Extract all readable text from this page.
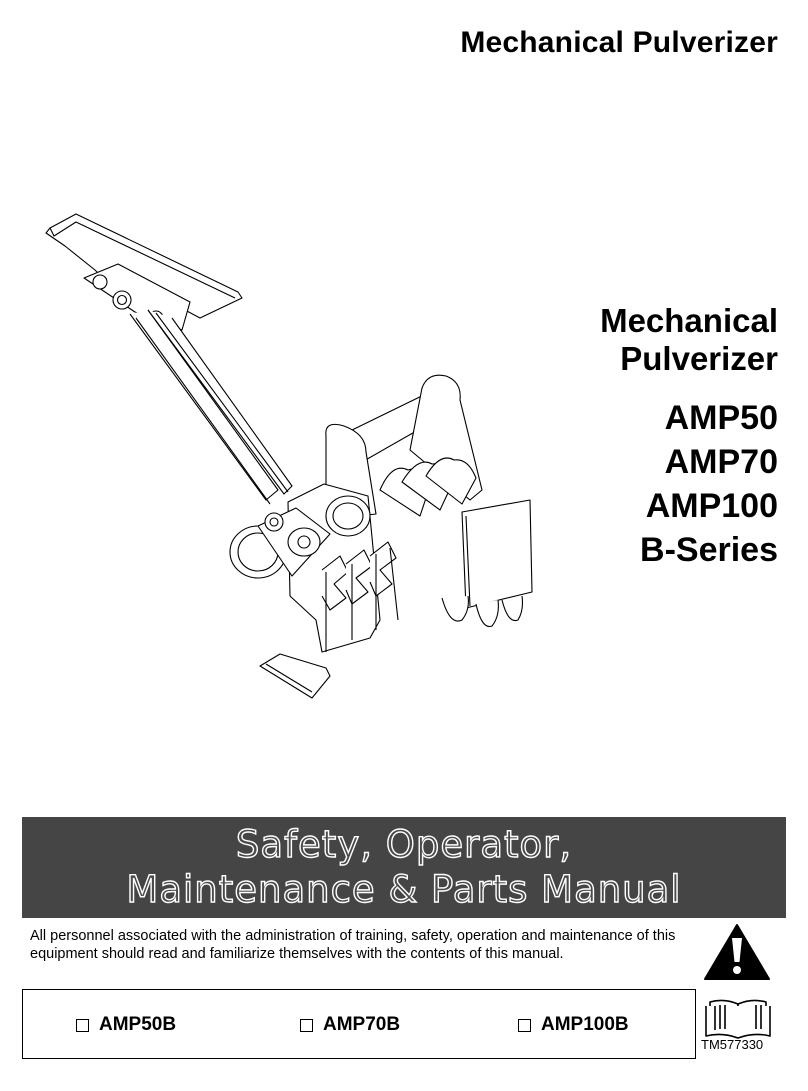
Mechanical Pulverizer
Mechanical
Pulverizer
AMP50
AMP70
AMP100
B-Series
Safety, Operator,
Maintenance & Parts Manual
All personnel associated with the administration of training, safety, operation and maintenance of this equipment should read and familiarize themselves with the contents of this manual.
AMP50B	AMP70B	AMP100B
TM577330
